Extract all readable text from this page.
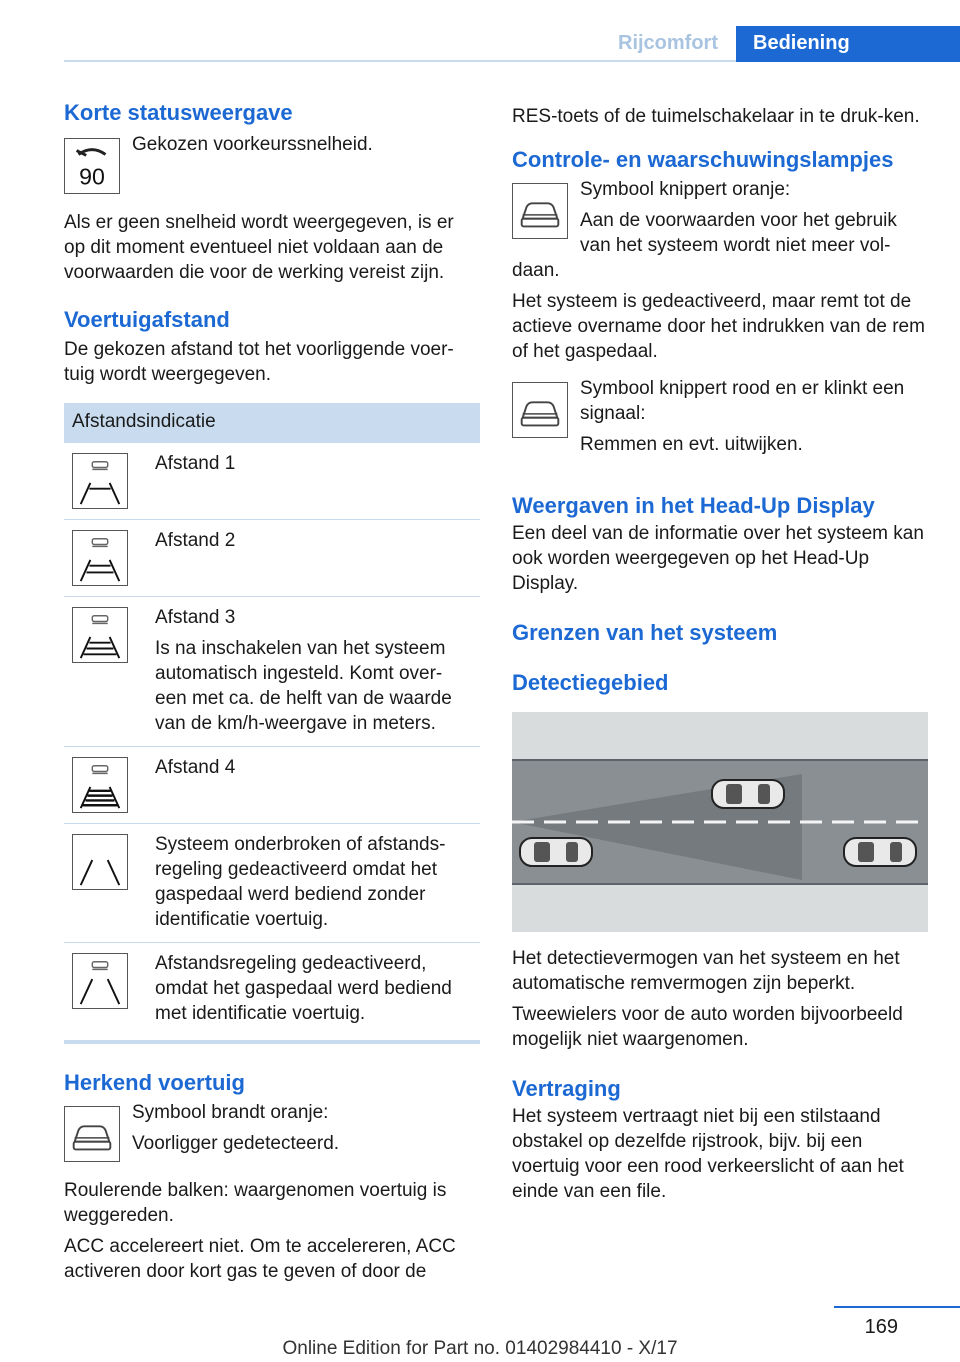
Rijcomfort	Bediening
Korte statusweergave
90

Gekozen voorkeurssnelheid.

Als er geen snelheid wordt weergegeven, is er op dit moment eventueel niet voldaan aan de voorwaarden die voor de werking vereist zijn.

Voertuigafstand

De gekozen afstand tot het voorliggende voer-tuig wordt weergegeven.

Afstandsindicatie

Afstand 1

Afstand 2

Afstand 3

Is na inschakelen van het systeem automatisch ingesteld. Komt over-een met ca. de helft van de waarde van de km/h-weergave in meters.

Afstand 4

Systeem onderbroken of afstands-regeling gedeactiveerd omdat het gaspedaal werd bediend zonder identificatie voertuig.

Afstandsregeling gedeactiveerd, omdat het gaspedaal werd bediend met identificatie voertuig.

Herkend voertuig

Symbool brandt oranje:

Voorligger gedetecteerd.

Roulerende balken: waargenomen voertuig is weggereden.

ACC accelereert niet. Om te accelereren, ACC activeren door kort gas te geven of door de

RES-toets of de tuimelschakelaar in te druk-ken.

Controle- en waarschuwingslampjes

Symbool knippert oranje:

Aan de voorwaarden voor het gebruik van het systeem wordt niet meer vol-

daan.

Het systeem is gedeactiveerd, maar remt tot de actieve overname door het indrukken van de rem of het gaspedaal.

Symbool knippert rood en er klinkt een signaal:

Remmen en evt. uitwijken.

Weergaven in het Head-Up Display

Een deel van de informatie over het systeem kan ook worden weergegeven op het Head-Up Display.

Grenzen van het systeem
Detectiegebied

Het detectievermogen van het systeem en het automatische remvermogen zijn beperkt.

Tweewielers voor de auto worden bijvoorbeeld mogelijk niet waargenomen.

Vertraging

Het systeem vertraagt niet bij een stilstaand obstakel op dezelfde rijstrook, bijv. bij een voertuig voor een rood verkeerslicht of aan het einde van een file.

169
Online Edition for Part no. 01402984410 - X/17
